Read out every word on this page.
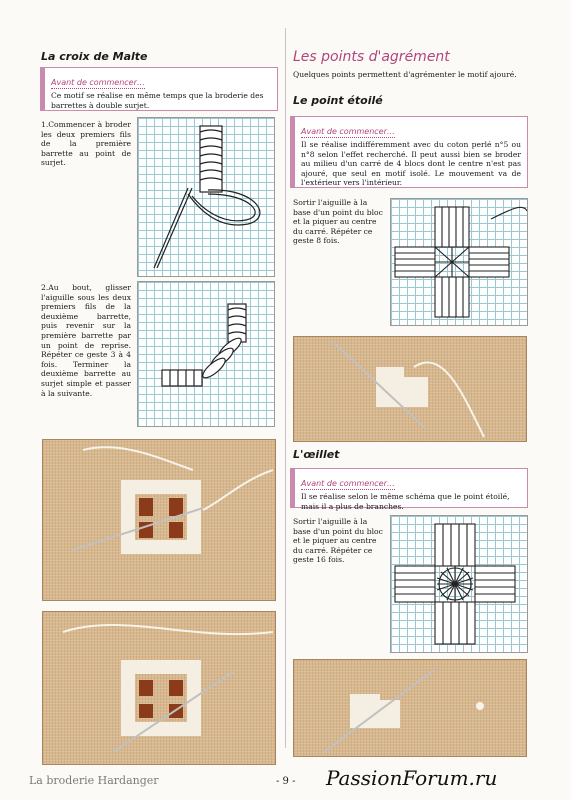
La croix de Malte
Avant de commencer…
Ce motif se réalise en même temps que la broderie des barrettes à double surjet.
1.Commencer à broder les deux premiers fils de la première barrette au point de surjet.
2.Au bout, glisser l'aiguille sous les deux premiers fils de la deuxième barrette, puis revenir sur la première barrette par un point de reprise. Répéter ce geste 3 à 4 fois. Terminer la deuxième barrette au surjet simple et passer à la suivante.
Les points d'agrément
Quelques points permettent d'agrémenter le motif ajouré.
Le point étoilé
Avant de commencer…
Il se réalise indifféremment avec du coton perlé n°5 ou n°8 selon l'effet recherché. Il peut aussi bien se broder au milieu d'un carré de 4 blocs dont le centre n'est pas ajouré, que seul en motif isolé. Le mouvement va de l'extérieur vers l'intérieur.
Sortir l'aiguille à la base d'un point du bloc et la piquer au centre du carré. Répéter ce geste 8 fois.
L'œillet
Avant de commencer…
Il se réalise selon le même schéma que le point étoilé, mais il a plus de branches.
Sortir l'aiguille à la base d'un point du bloc et le piquer au centre du carré. Répéter ce geste 16 fois.
La broderie Hardanger	- 9 - PassionForum.ru
